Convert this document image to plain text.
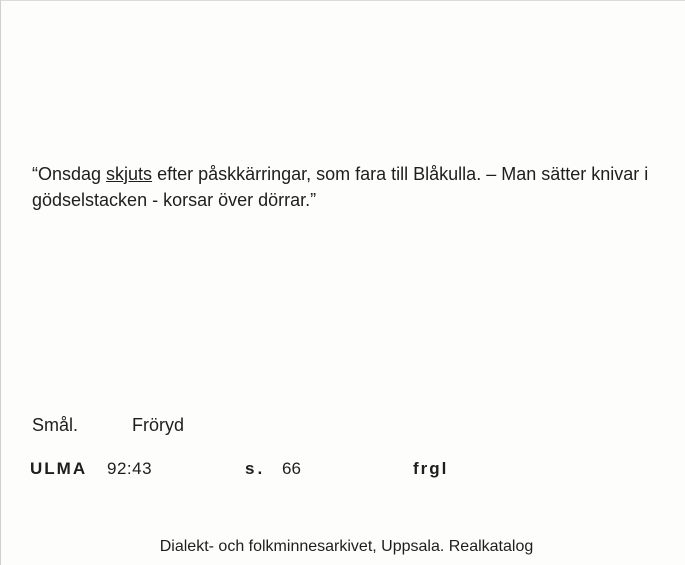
“Onsdag skjuts efter påskkärringar, som fara till Blåkulla. – Man sätter knivar i gödselstacken - korsar över dörrar.”

Smål.	Fröryd
ULMA 92:43	s. 66	frgl
Dialekt- och folkminnesarkivet, Uppsala. Realkatalog
